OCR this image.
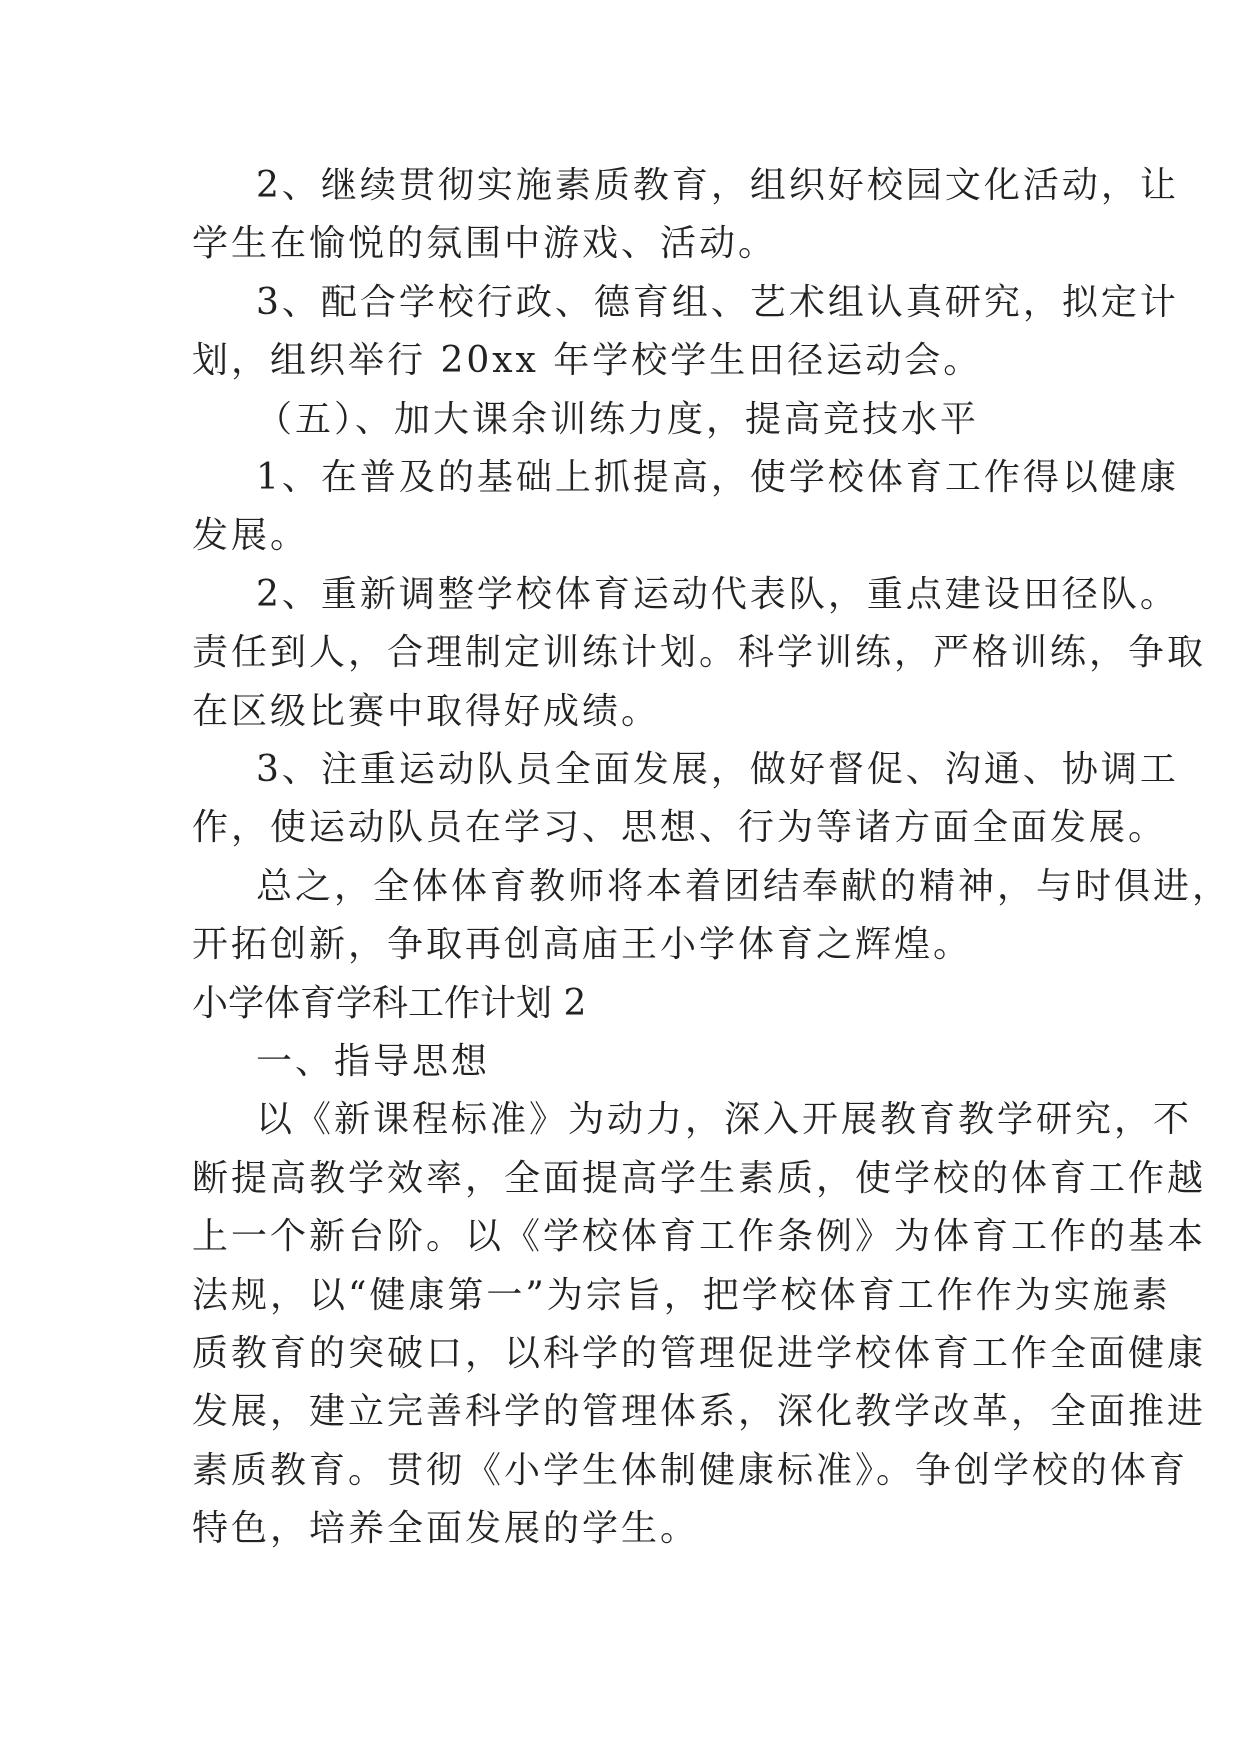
2、继续贯彻实施素质教育，组织好校园文化活动，让

学生在愉悦的氛围中游戏、活动。

3、配合学校行政、德育组、艺术组认真研究，拟定计

划，组织举行 20xx 年学校学生田径运动会。

（五）、加大课余训练力度，提高竞技水平

1、在普及的基础上抓提高，使学校体育工作得以健康

发展。

2、重新调整学校体育运动代表队，重点建设田径队。

责任到人，合理制定训练计划。科学训练，严格训练，争取

在区级比赛中取得好成绩。

3、注重运动队员全面发展，做好督促、沟通、协调工

作，使运动队员在学习、思想、行为等诸方面全面发展。

总之，全体体育教师将本着团结奉献的精神，与时俱进，

开拓创新，争取再创高庙王小学体育之辉煌。

小学体育学科工作计划 2

一、指导思想

以《新课程标准》为动力，深入开展教育教学研究，不

断提高教学效率，全面提高学生素质，使学校的体育工作越

上一个新台阶。以《学校体育工作条例》为体育工作的基本

法规，以“健康第一”为宗旨，把学校体育工作作为实施素

质教育的突破口，以科学的管理促进学校体育工作全面健康

发展，建立完善科学的管理体系，深化教学改革，全面推进

素质教育。贯彻《小学生体制健康标准》。争创学校的体育

特色，培养全面发展的学生。
